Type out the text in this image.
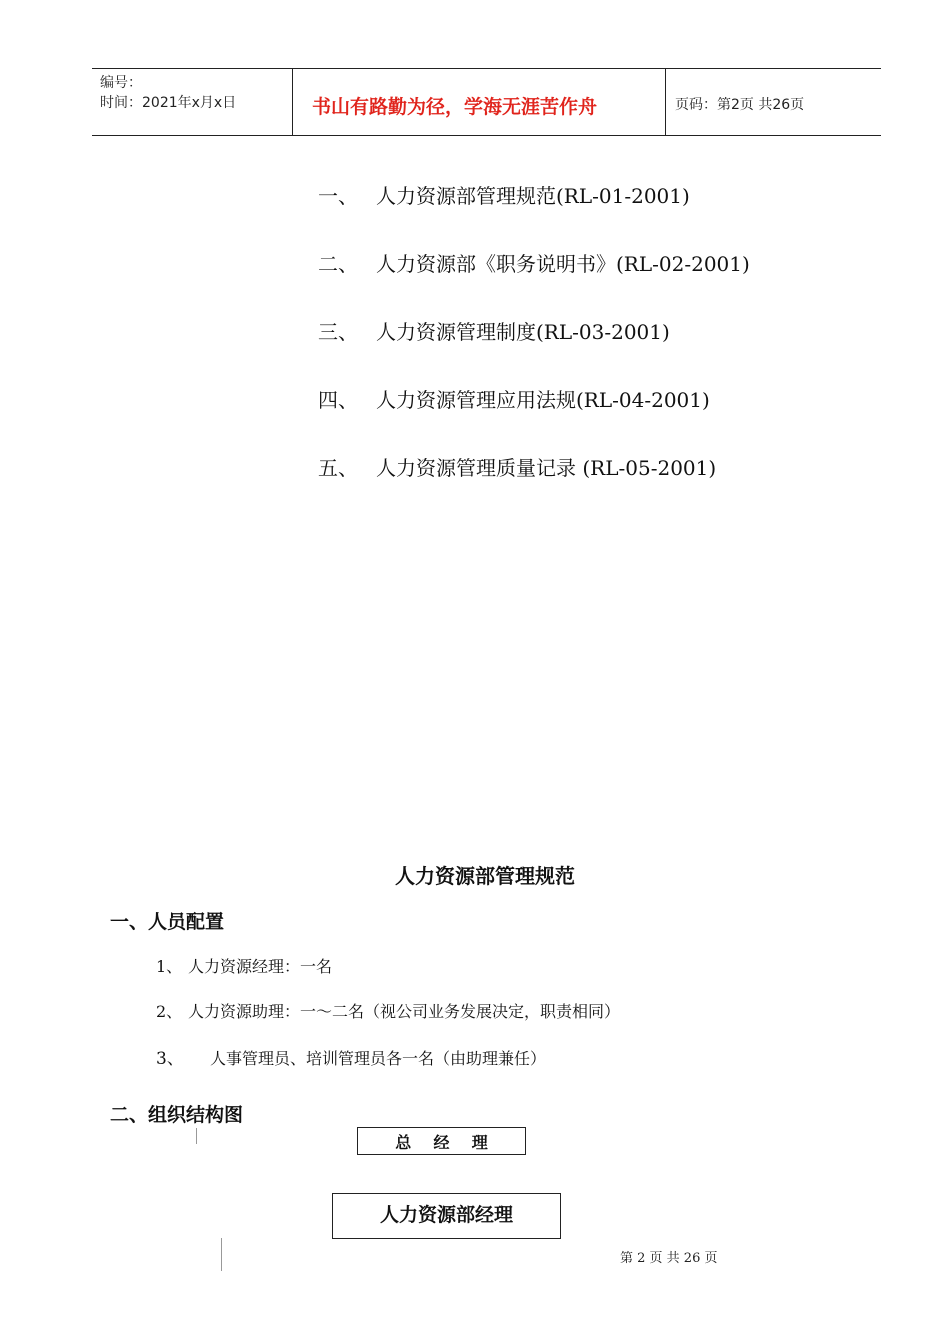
编号：
时间：2021年x月x日	书山有路勤为径，学海无涯苦作舟	页码：第2页 共26页
一、 人力资源部管理规范(RL-01-2001)
二、 人力资源部《职务说明书》(RL-02-2001)
三、 人力资源管理制度(RL-03-2001)
四、 人力资源管理应用法规(RL-04-2001)
五、 人力资源管理质量记录 (RL-05-2001)
人力资源部管理规范
一、人员配置
1、 人力资源经理：一名
2、 人力资源助理：一～二名（视公司业务发展决定，职责相同）
3、 人事管理员、培训管理员各一名（由助理兼任）
二、组织结构图
总    经    理
人力资源部经理
第 2 页 共 26 页
